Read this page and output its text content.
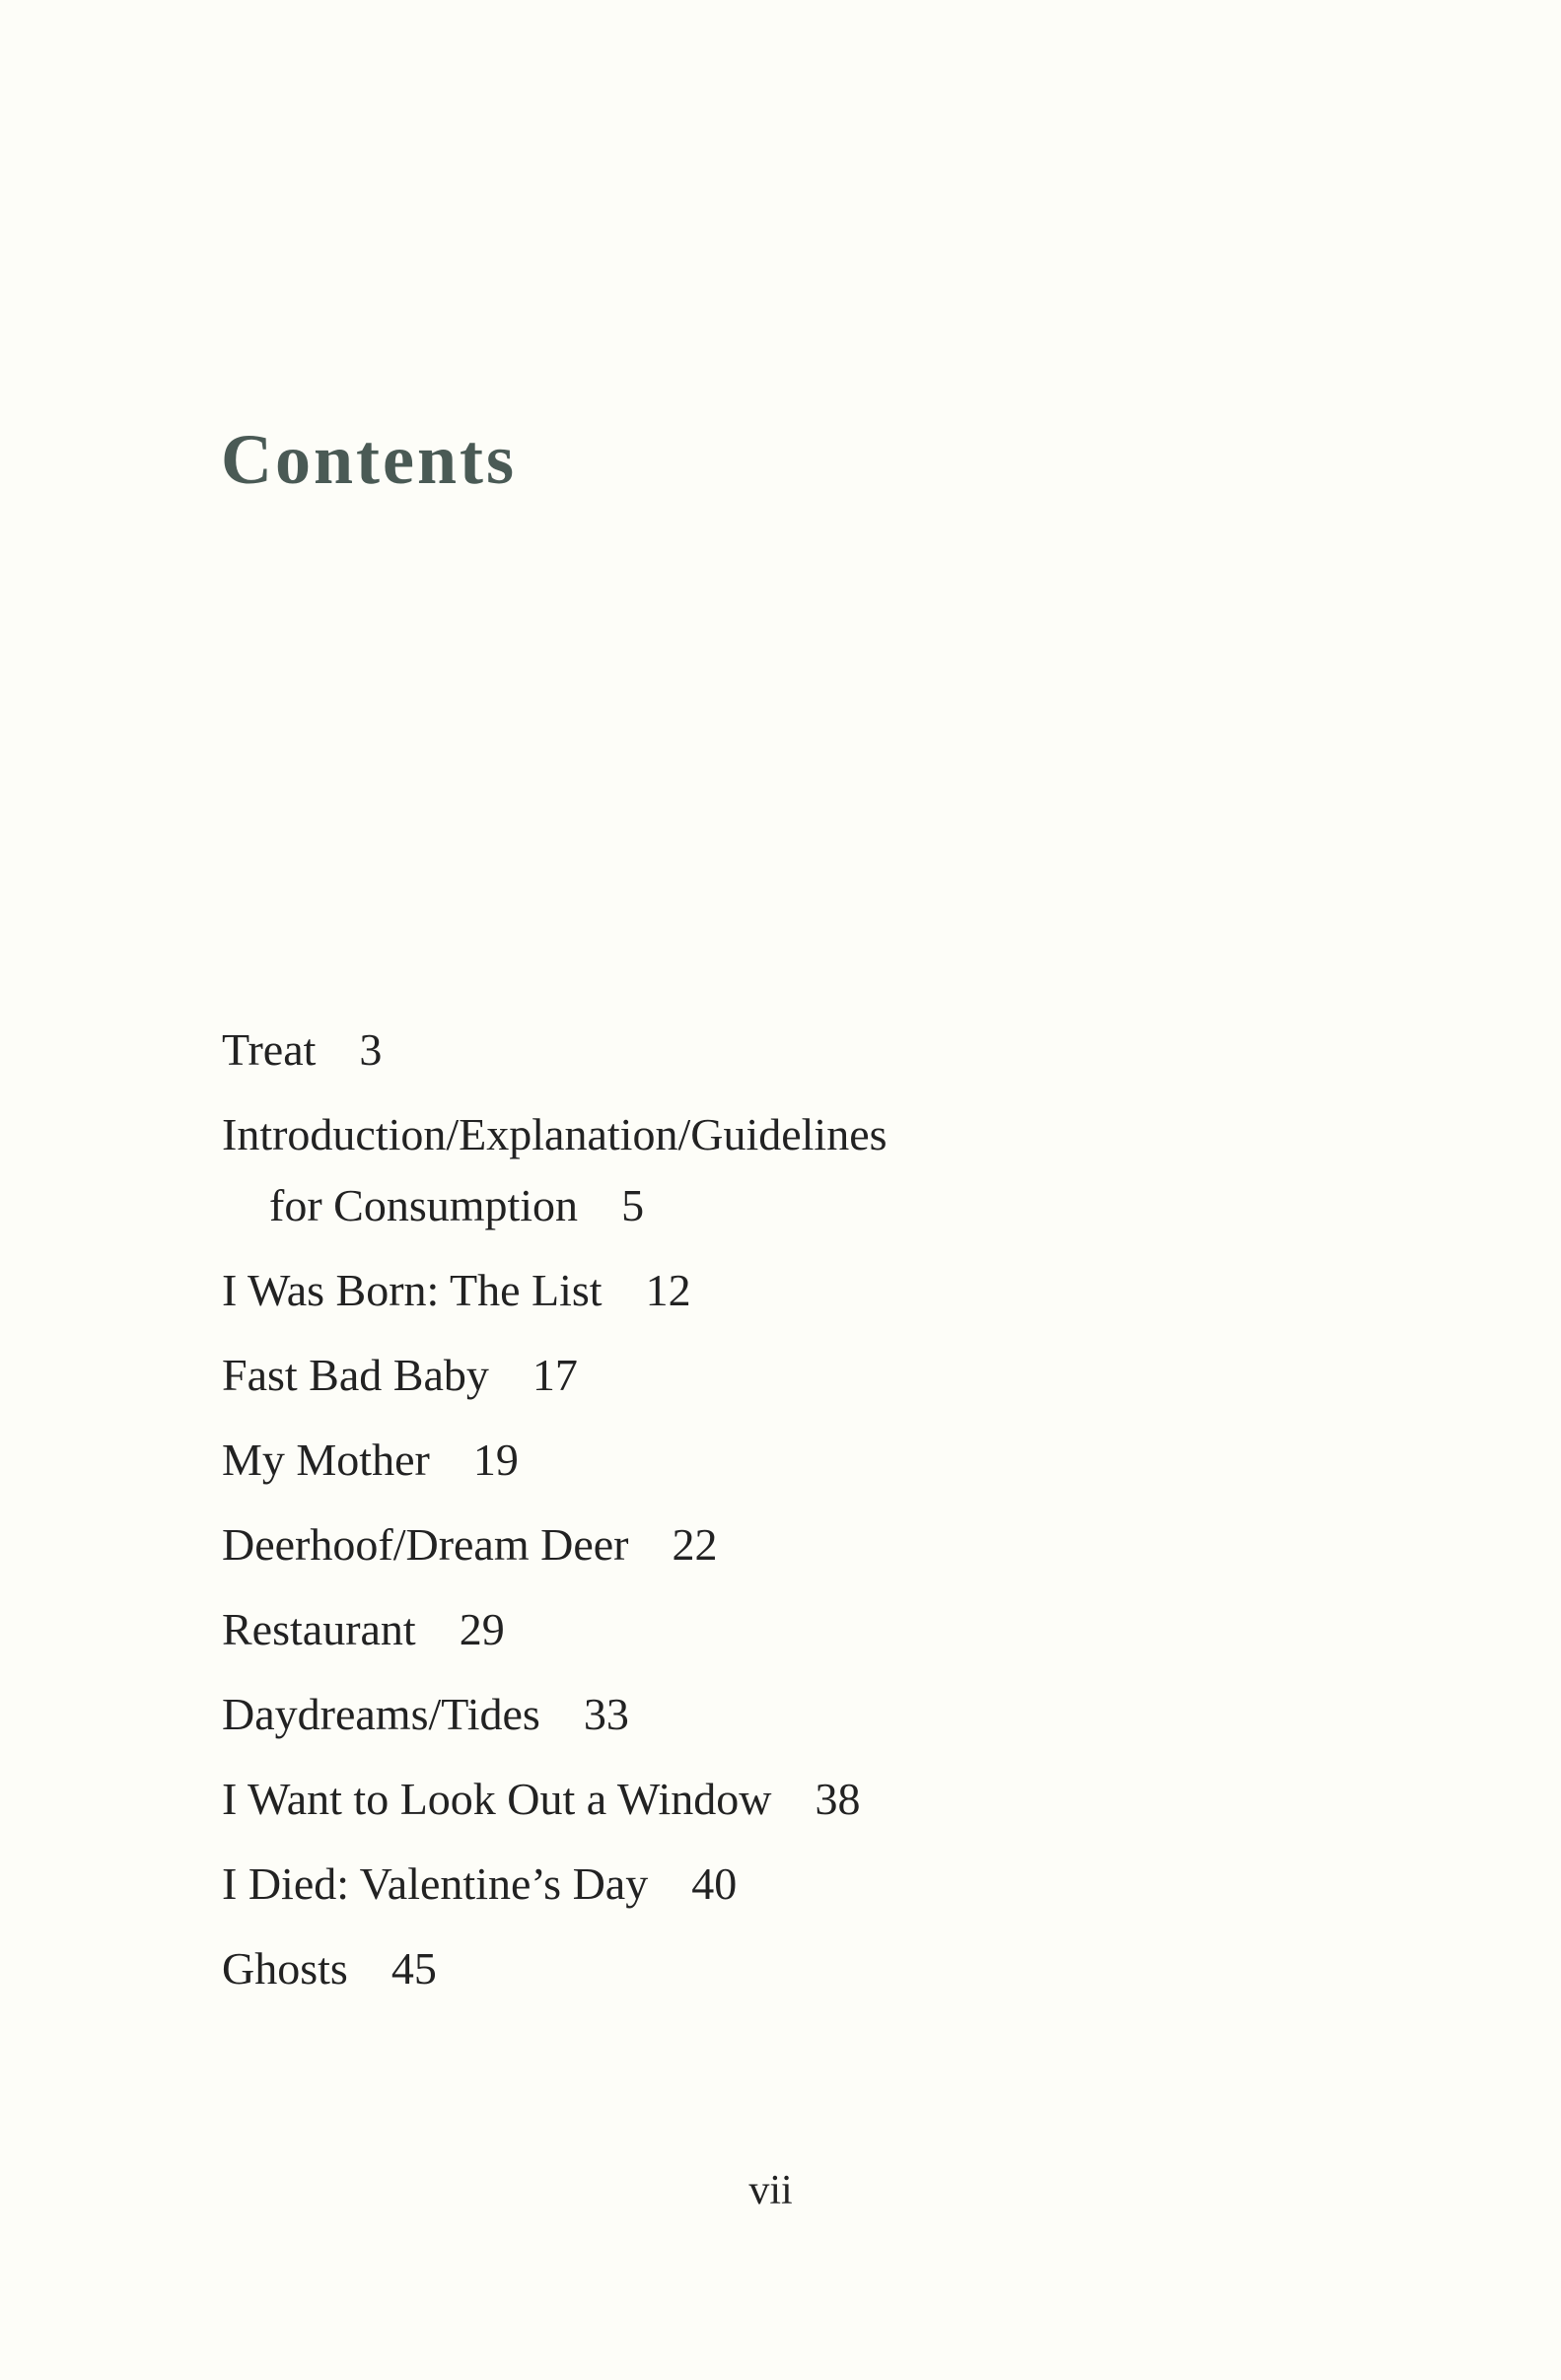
Contents
Treat 3
Introduction/Explanation/Guidelines
for Consumption 5
I Was Born: The List 12
Fast Bad Baby 17
My Mother 19
Deerhoof/Dream Deer 22
Restaurant 29
Daydreams/Tides 33
I Want to Look Out a Window 38
I Died: Valentine’s Day 40
Ghosts 45
vii
